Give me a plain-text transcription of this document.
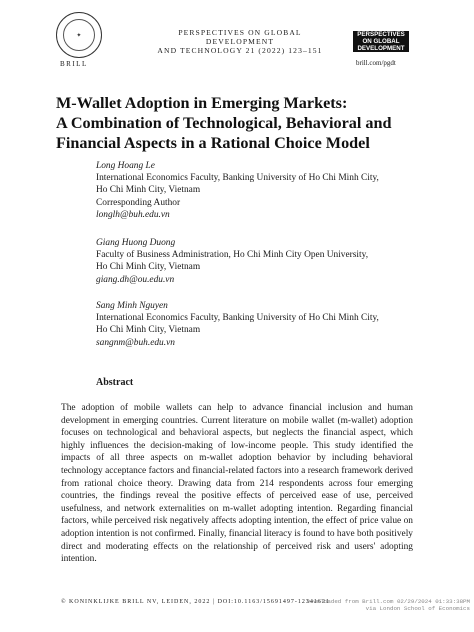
✦
BRILL
PERSPECTIVES ON GLOBAL DEVELOPMENT
AND TECHNOLOGY 21 (2022) 123–151
PERSPECTIVES
ON GLOBAL
DEVELOPMENT
brill.com/pgdt
M-Wallet Adoption in Emerging Markets:
A Combination of Technological, Behavioral and
Financial Aspects in a Rational Choice Model
Long Hoang Le
International Economics Faculty, Banking University of Ho Chi Minh City,
Ho Chi Minh City, Vietnam
Corresponding Author
longlh@buh.edu.vn
Giang Huong Duong
Faculty of Business Administration, Ho Chi Minh City Open University,
Ho Chi Minh City, Vietnam
giang.dh@ou.edu.vn
Sang Minh Nguyen
International Economics Faculty, Banking University of Ho Chi Minh City,
Ho Chi Minh City, Vietnam
sangnm@buh.edu.vn
Abstract
The adoption of mobile wallets can help to advance financial inclusion and human development in emerging countries. Current literature on mobile wallet (m-wallet) adoption focuses on technological and behavioral aspects, but neglects the financial aspect, which highly influences the decision-making of low-income people. This study identified the impacts of all three aspects on m-wallet adoption behavior by including behavioral technology acceptance factors and financial-related factors into a research framework derived from rational choice theory. Drawing data from 214 respondents across four emerging countries, the findings reveal the positive effects of perceived ease of use, perceived usefulness, and network externalities on m-wallet adopting intention. Regarding financial factors, while perceived risk negatively affects adopting intention, the effect of price value on adoption intention is not confirmed. Finally, financial literacy is found to have both positively direct and moderating effects on the relationship of perceived risk and users' adopting intention.
© KONINKLIJKE BRILL NV, LEIDEN, 2022 | DOI:10.1163/15691497-12341621
Downloaded from Brill.com 02/29/2024 01:33:38PM
via London School of Economics
